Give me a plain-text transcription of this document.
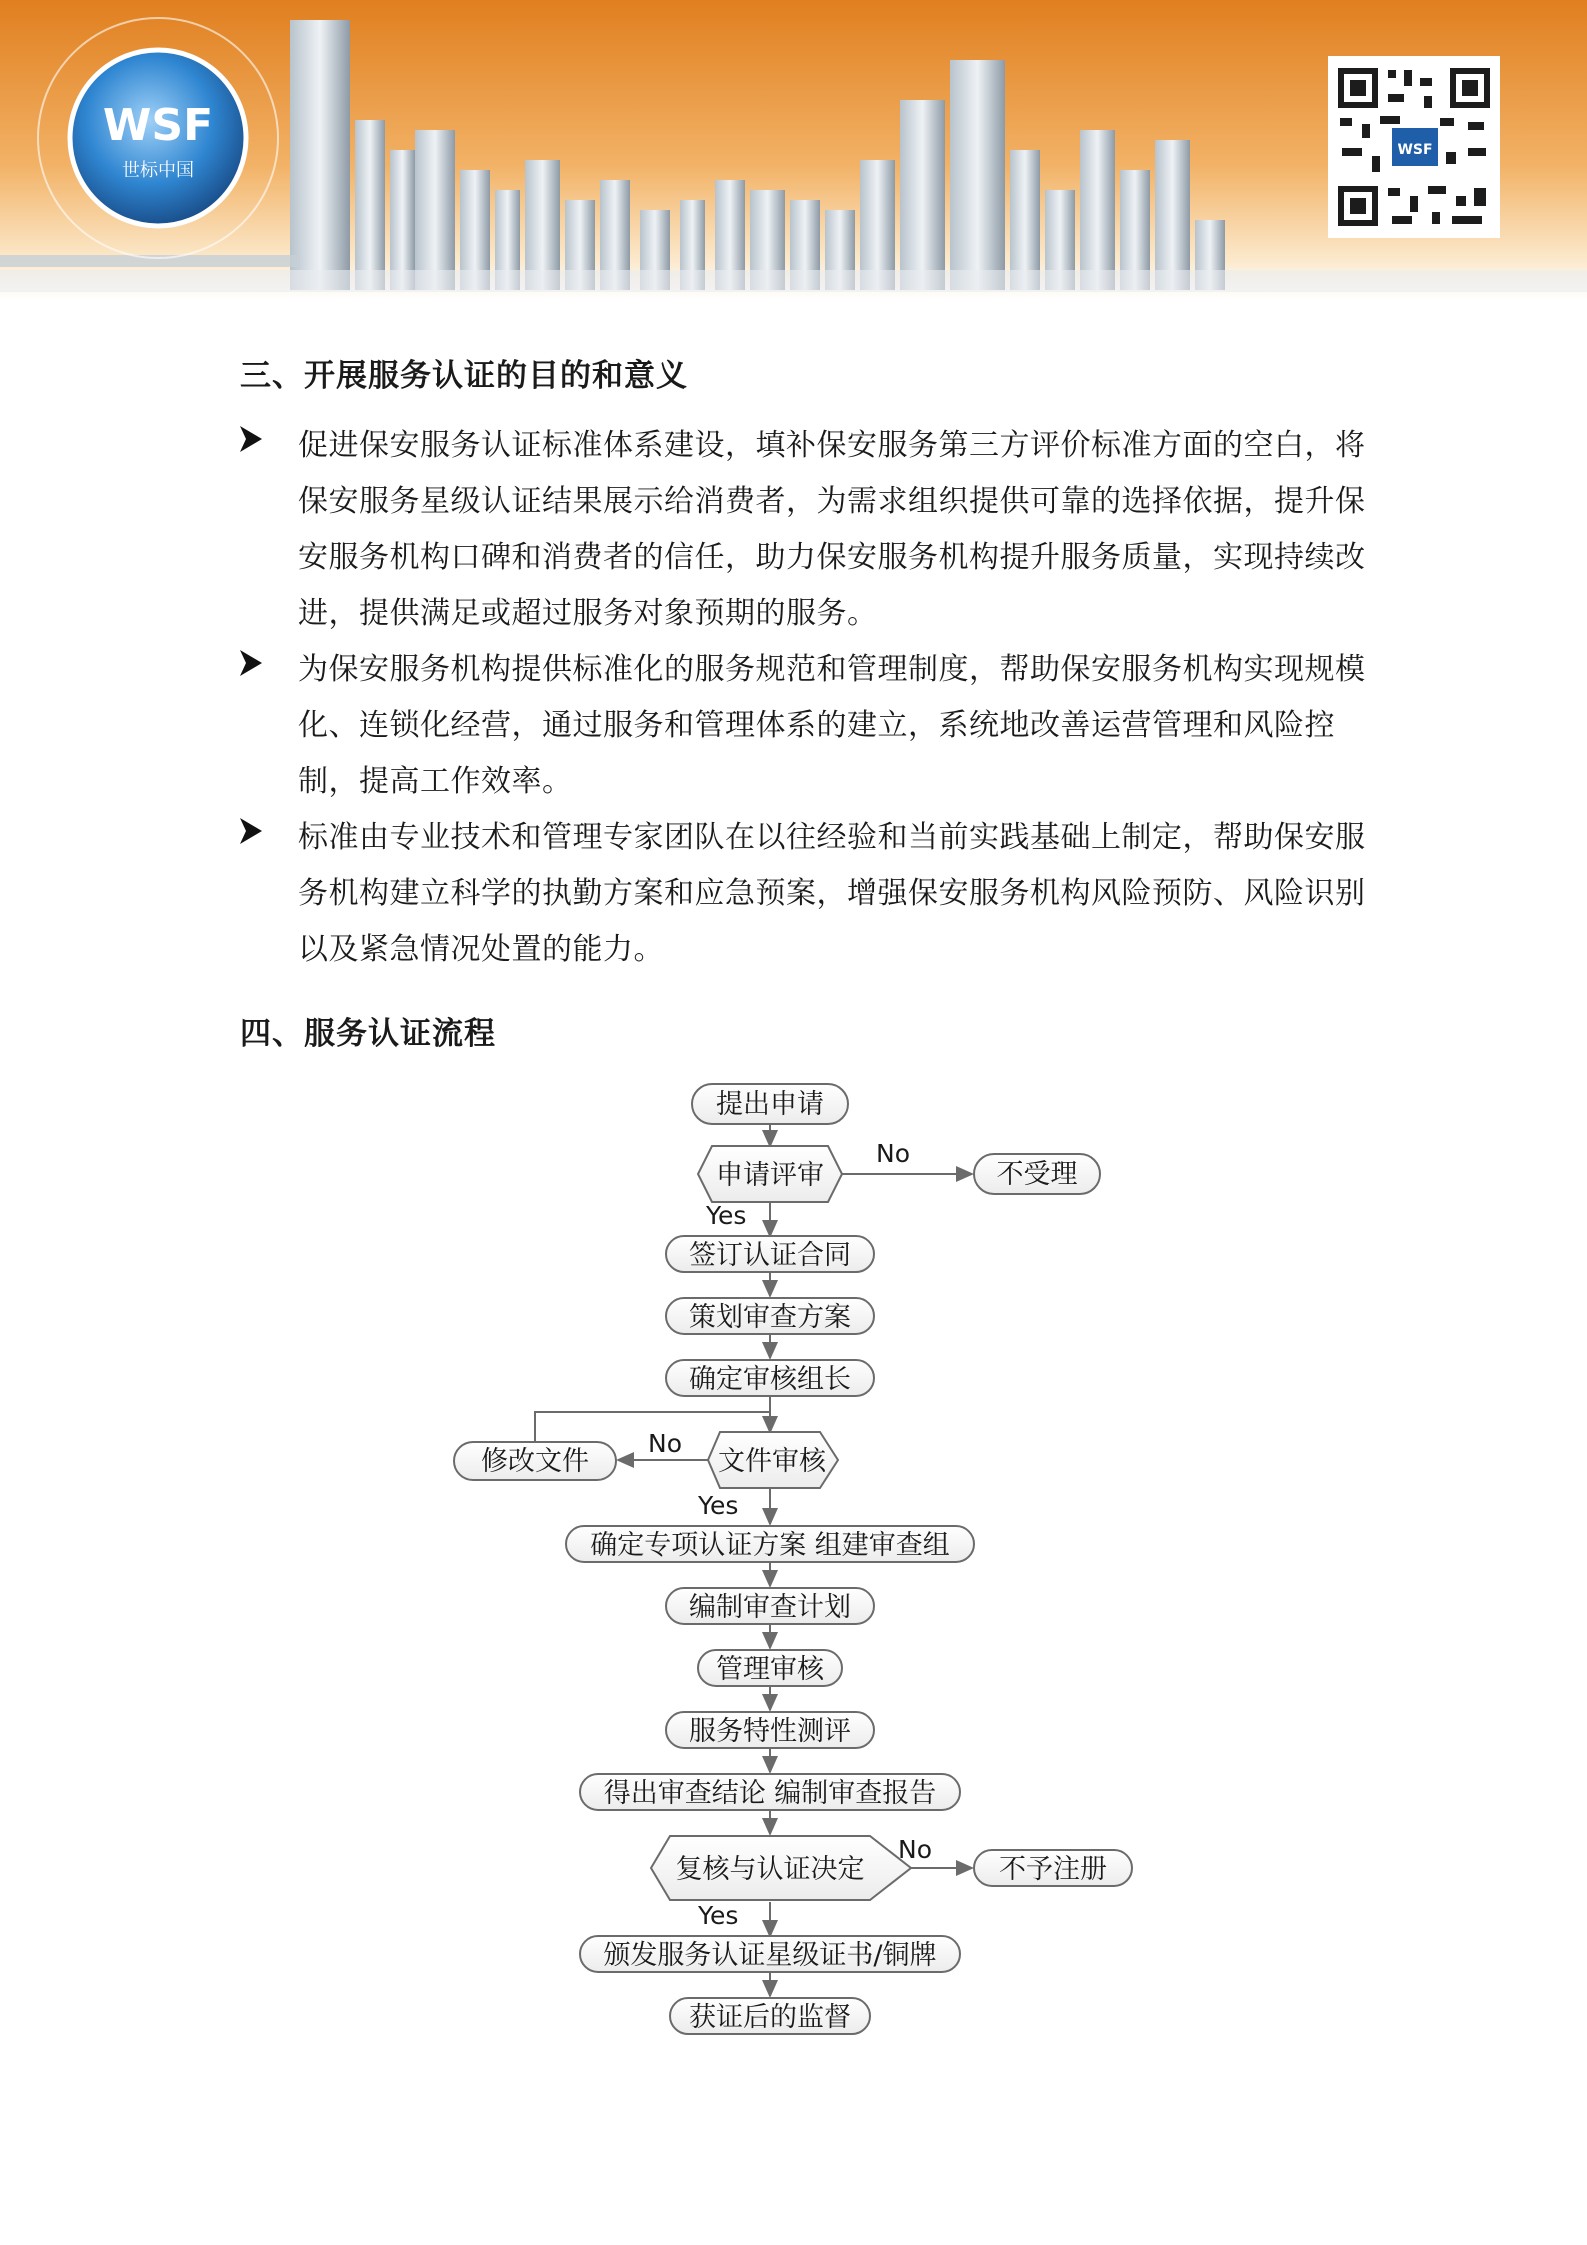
WSF
世标中国
WSF
三、开展服务认证的目的和意义
促进保安服务认证标准体系建设，填补保安服务第三方评价标准方面的空白，将保安服务星级认证结果展示给消费者，为需求组织提供可靠的选择依据，提升保安服务机构口碑和消费者的信任，助力保安服务机构提升服务质量，实现持续改进，提供满足或超过服务对象预期的服务。
为保安服务机构提供标准化的服务规范和管理制度，帮助保安服务机构实现规模化、连锁化经营，通过服务和管理体系的建立，系统地改善运营管理和风险控制，提高工作效率。
标准由专业技术和管理专家团队在以往经验和当前实践基础上制定，帮助保安服务机构建立科学的执勤方案和应急预案，增强保安服务机构风险预防、风险识别以及紧急情况处置的能力。
四、服务认证流程
提出申请
申请评审	不受理
签订认证合同
策划审查方案
确定审核组长
文件审核
修改文件
确定专项认证方案 组建审查组
编制审查计划
管理审核
服务特性测评
得出审查结论 编制审查报告
复核与认证决定	不予注册
颁发服务认证星级证书/铜牌
获证后的监督
No
Yes
No
Yes
No
Yes
